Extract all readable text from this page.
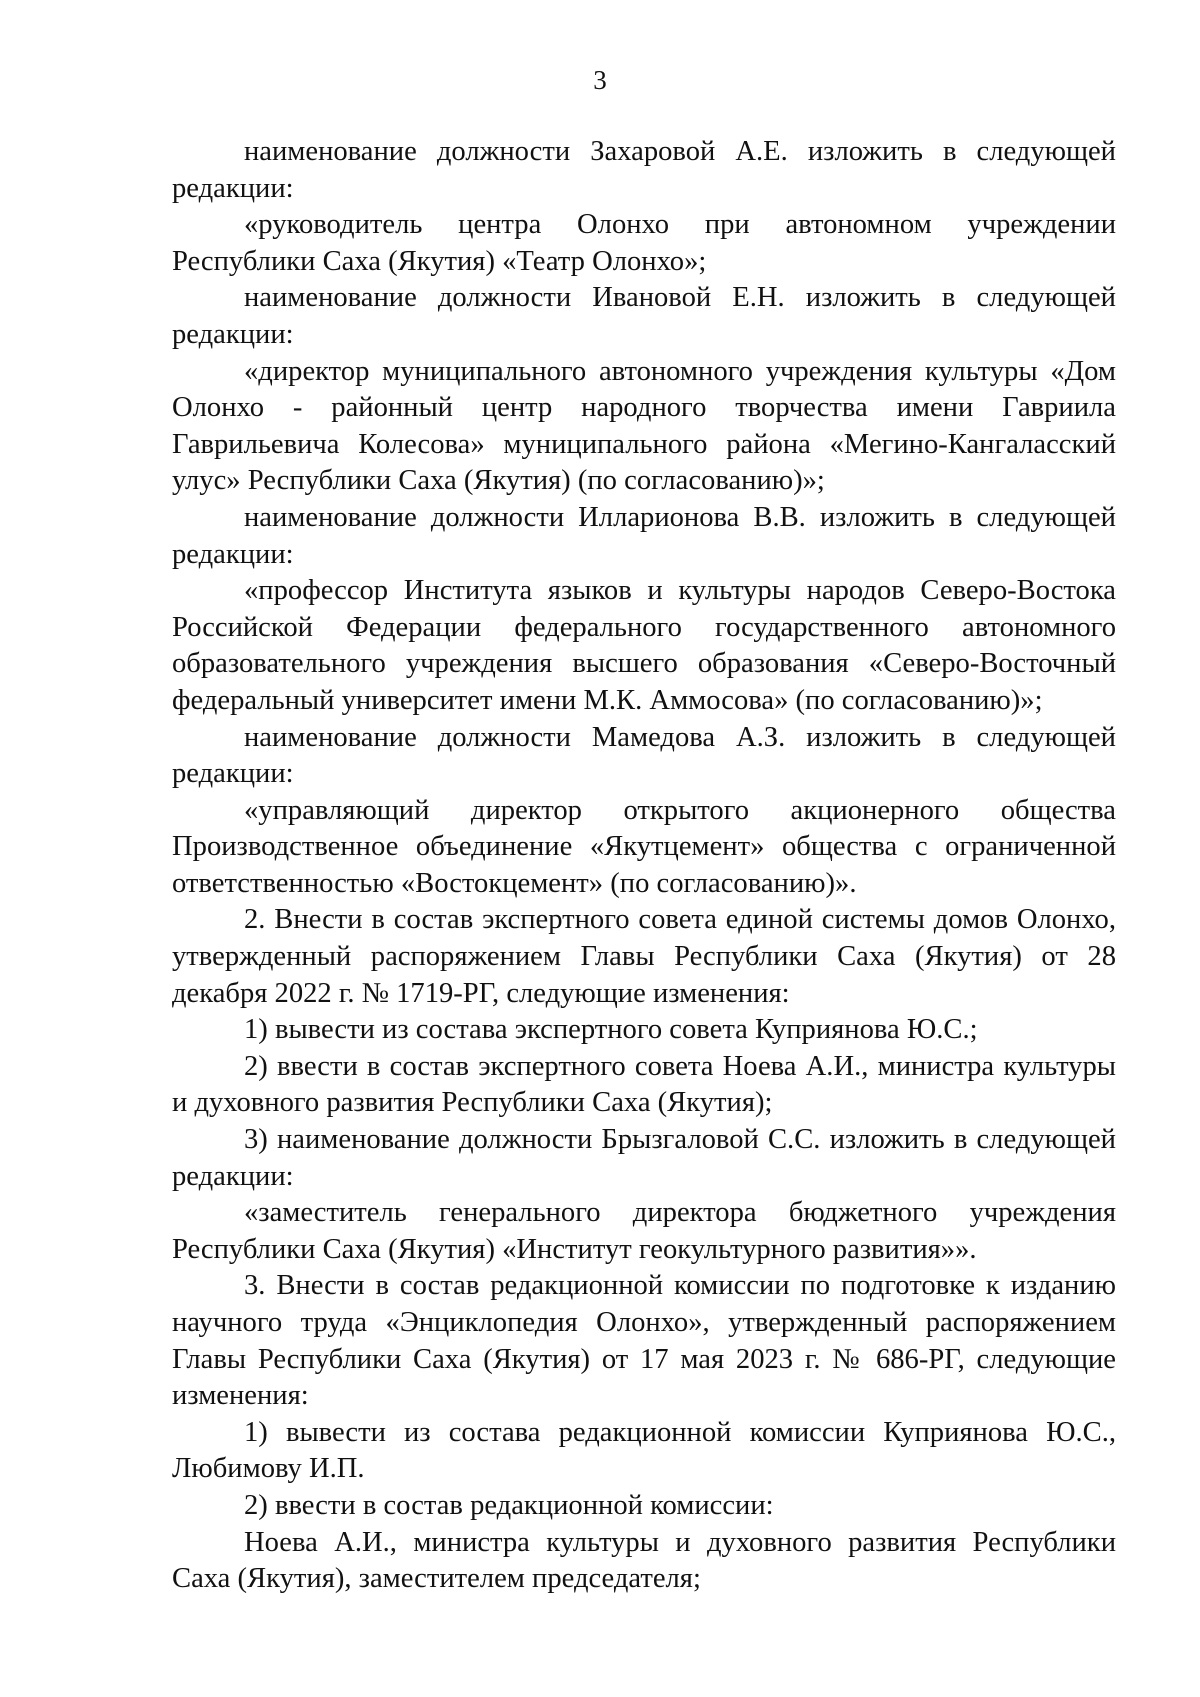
3

наименование должности Захаровой А.Е. изложить в следующей редакции:

«руководитель центра Олонхо при автономном учреждении Республики Саха (Якутия) «Театр Олонхо»;

наименование должности Ивановой Е.Н. изложить в следующей редакции:

«директор муниципального автономного учреждения культуры «Дом Олонхо - районный центр народного творчества имени Гавриила Гаврильевича Колесова» муниципального района «Мегино-Кангаласский улус» Республики Саха (Якутия) (по согласованию)»;

наименование должности Илларионова В.В. изложить в следующей редакции:

«профессор Института языков и культуры народов Северо-Востока Российской Федерации федерального государственного автономного образовательного учреждения высшего образования «Северо-Восточный федеральный университет имени М.К. Аммосова» (по согласованию)»;

наименование должности Мамедова А.З. изложить в следующей редакции:

«управляющий директор открытого акционерного общества Производственное объединение «Якутцемент» общества с ограниченной ответственностью «Востокцемент» (по согласованию)».

2. Внести в состав экспертного совета единой системы домов Олонхо, утвержденный распоряжением Главы Республики Саха (Якутия) от 28 декабря 2022 г. № 1719-РГ, следующие изменения:

1) вывести из состава экспертного совета Куприянова Ю.С.;

2) ввести в состав экспертного совета Ноева А.И., министра культуры и духовного развития Республики Саха (Якутия);

3) наименование должности Брызгаловой С.С. изложить в следующей редакции:

«заместитель генерального директора бюджетного учреждения Республики Саха (Якутия) «Институт геокультурного развития»».

3. Внести в состав редакционной комиссии по подготовке к изданию научного труда «Энциклопедия Олонхо», утвержденный распоряжением Главы Республики Саха (Якутия) от 17 мая 2023 г. № 686-РГ, следующие изменения:

1) вывести из состава редакционной комиссии Куприянова Ю.С., Любимову И.П.

2) ввести в состав редакционной комиссии:

Ноева А.И., министра культуры и духовного развития Республики Саха (Якутия), заместителем председателя;
